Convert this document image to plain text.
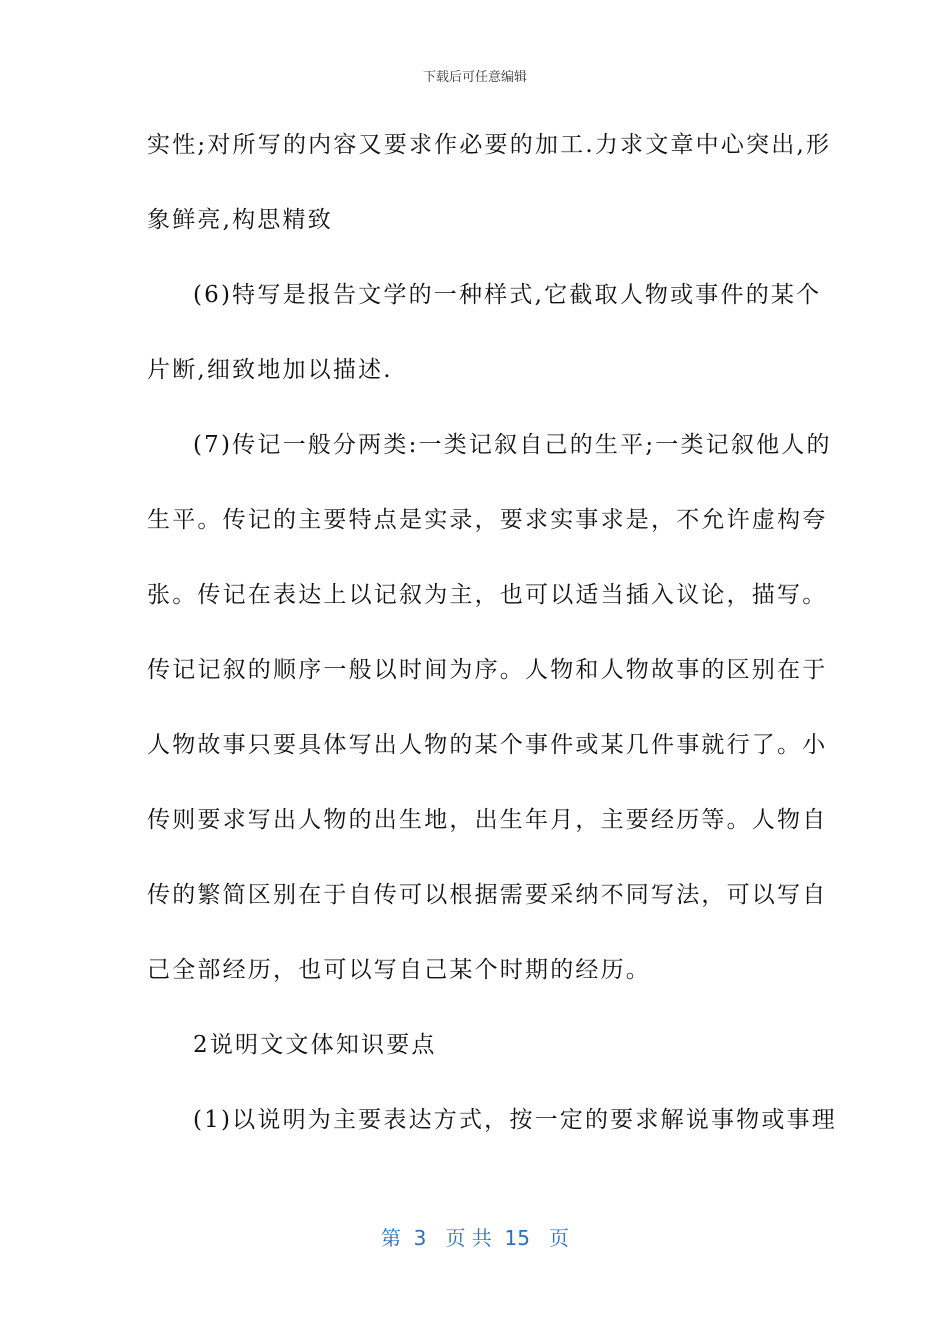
下载后可任意编辑
实性;对所写的内容又要求作必要的加工.力求文章中心突出,形
象鲜亮,构思精致
(6)特写是报告文学的一种样式,它截取人物或事件的某个
片断,细致地加以描述.
(7)传记一般分两类:一类记叙自己的生平;一类记叙他人的
生平。传记的主要特点是实录，要求实事求是，不允许虚构夸
张。传记在表达上以记叙为主，也可以适当插入议论，描写。
传记记叙的顺序一般以时间为序。人物和人物故事的区别在于
人物故事只要具体写出人物的某个事件或某几件事就行了。小
传则要求写出人物的出生地，出生年月，主要经历等。人物自
传的繁简区别在于自传可以根据需要采纳不同写法，可以写自
己全部经历，也可以写自己某个时期的经历。
2说明文文体知识要点
(1)以说明为主要表达方式，按一定的要求解说事物或事理
第  3   页 共  15   页
